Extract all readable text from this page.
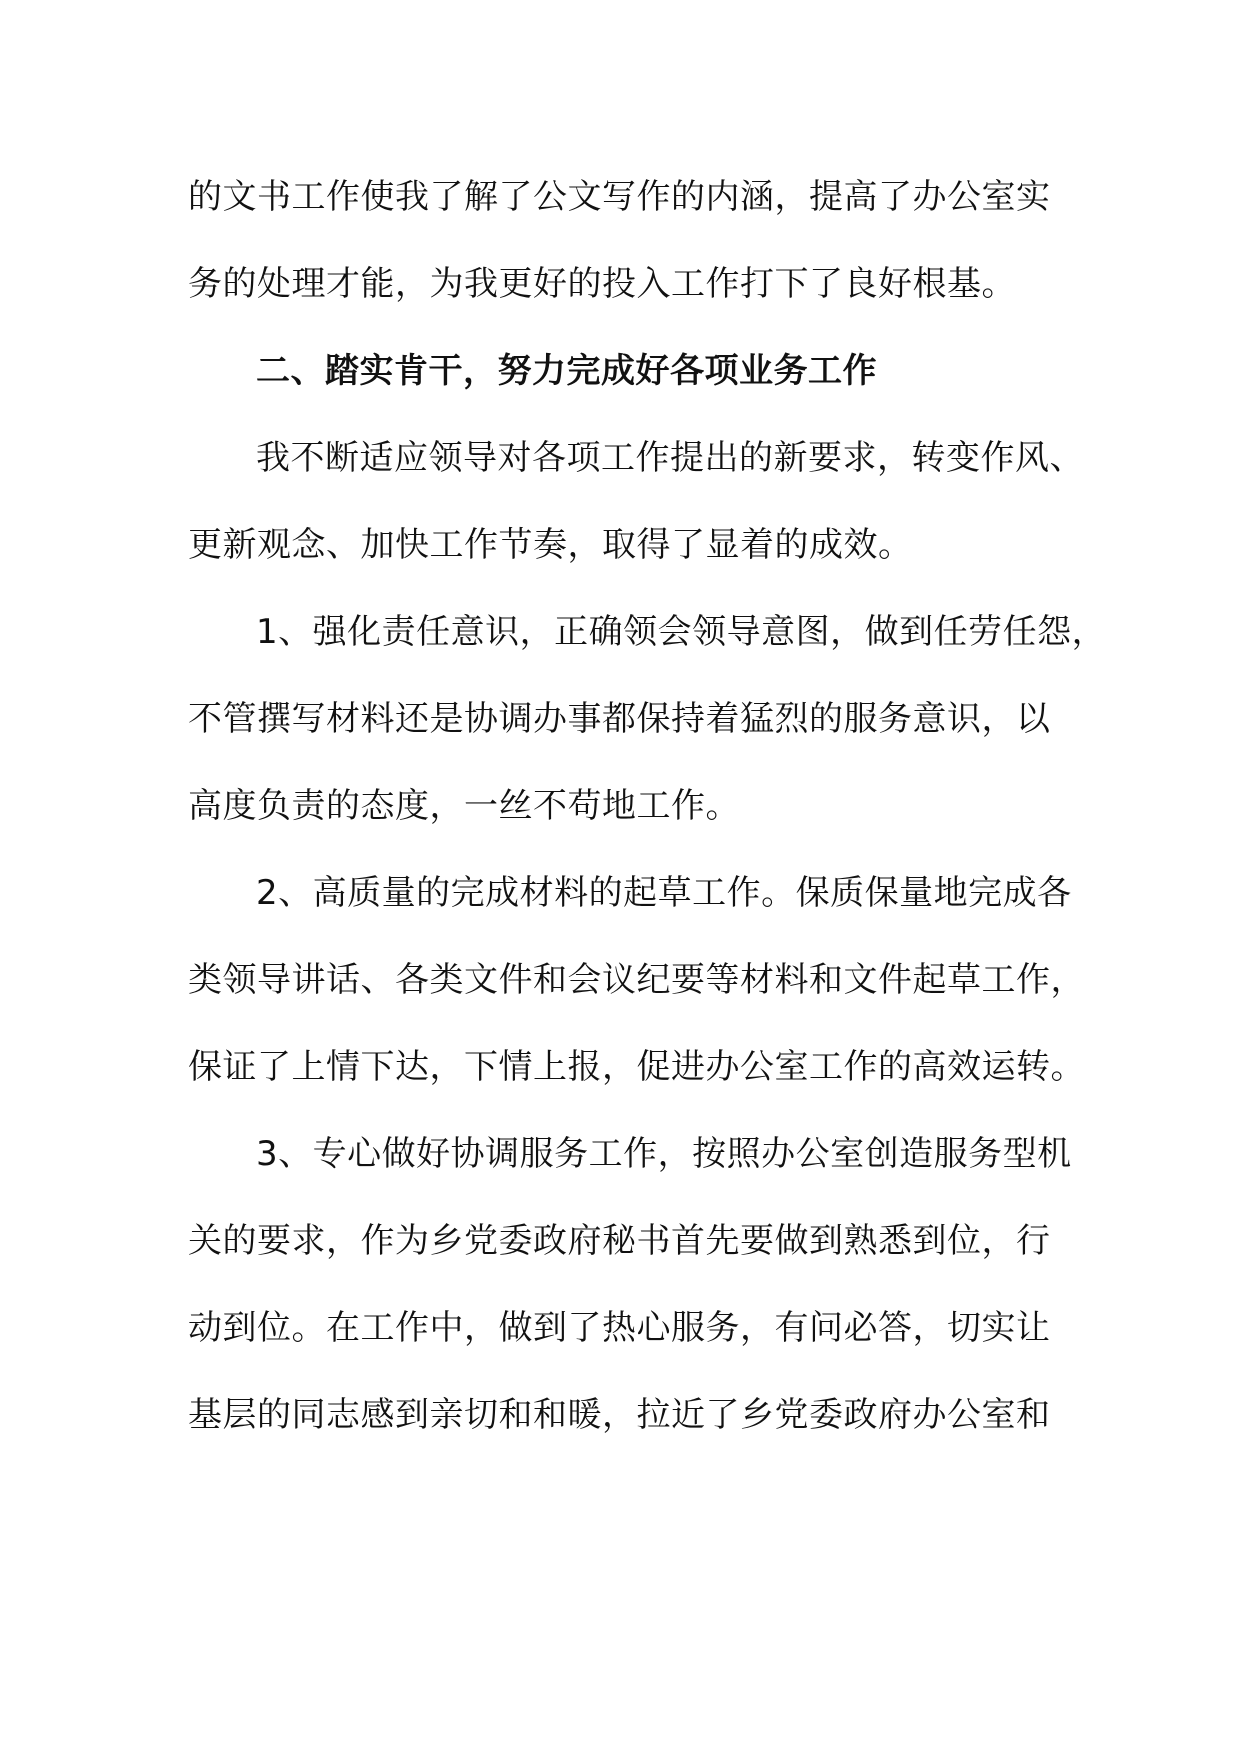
的文书工作使我了解了公文写作的内涵，提高了办公室实
务的处理才能，为我更好的投入工作打下了良好根基。
二、踏实肯干，努力完成好各项业务工作
我不断适应领导对各项工作提出的新要求，转变作风、
更新观念、加快工作节奏，取得了显着的成效。
1、强化责任意识，正确领会领导意图，做到任劳任怨，
不管撰写材料还是协调办事都保持着猛烈的服务意识，以
高度负责的态度，一丝不苟地工作。
2、高质量的完成材料的起草工作。保质保量地完成各
类领导讲话、各类文件和会议纪要等材料和文件起草工作，
保证了上情下达，下情上报，促进办公室工作的高效运转。
3、专心做好协调服务工作，按照办公室创造服务型机
关的要求，作为乡党委政府秘书首先要做到熟悉到位，行
动到位。在工作中，做到了热心服务，有问必答，切实让
基层的同志感到亲切和和暖，拉近了乡党委政府办公室和
